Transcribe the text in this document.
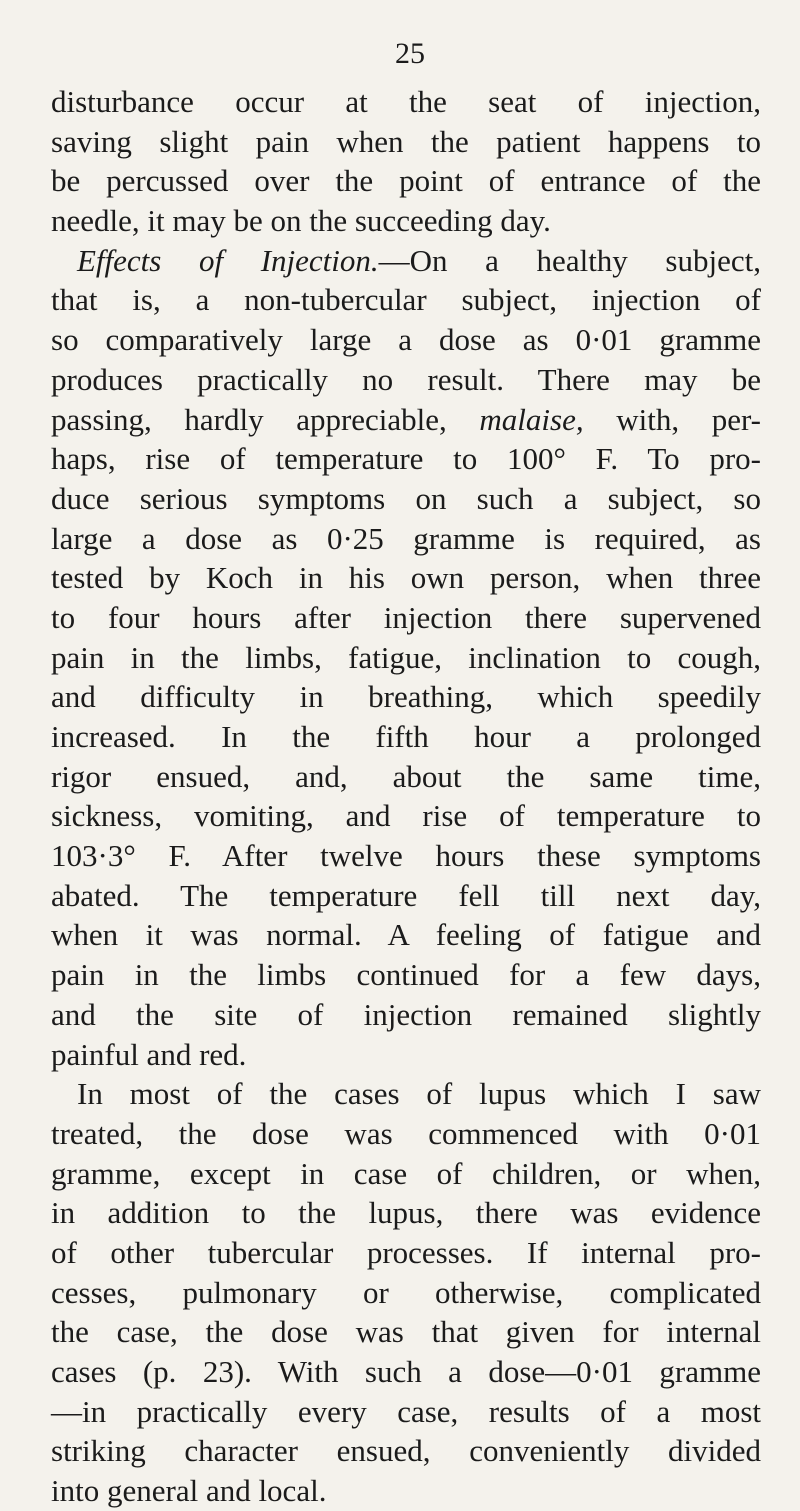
25
disturbance occur at the seat of injection,
saving slight pain when the patient happens to
be percussed over the point of entrance of the
needle, it may be on the succeeding day.
Effects of Injection.—On a healthy subject,
that is, a non-tubercular subject, injection of
so comparatively large a dose as 0·01 gramme
produces practically no result. There may be
passing, hardly appreciable, malaise, with, per-
haps, rise of temperature to 100° F. To pro-
duce serious symptoms on such a subject, so
large a dose as 0·25 gramme is required, as
tested by Koch in his own person, when three
to four hours after injection there supervened
pain in the limbs, fatigue, inclination to cough,
and difficulty in breathing, which speedily
increased. In the fifth hour a prolonged
rigor ensued, and, about the same time,
sickness, vomiting, and rise of temperature to
103·3° F. After twelve hours these symptoms
abated. The temperature fell till next day,
when it was normal. A feeling of fatigue and
pain in the limbs continued for a few days,
and the site of injection remained slightly
painful and red.
In most of the cases of lupus which I saw
treated, the dose was commenced with 0·01
gramme, except in case of children, or when,
in addition to the lupus, there was evidence
of other tubercular processes. If internal pro-
cesses, pulmonary or otherwise, complicated
the case, the dose was that given for internal
cases (p. 23). With such a dose—0·01 gramme
—in practically every case, results of a most
striking character ensued, conveniently divided
into general and local.
